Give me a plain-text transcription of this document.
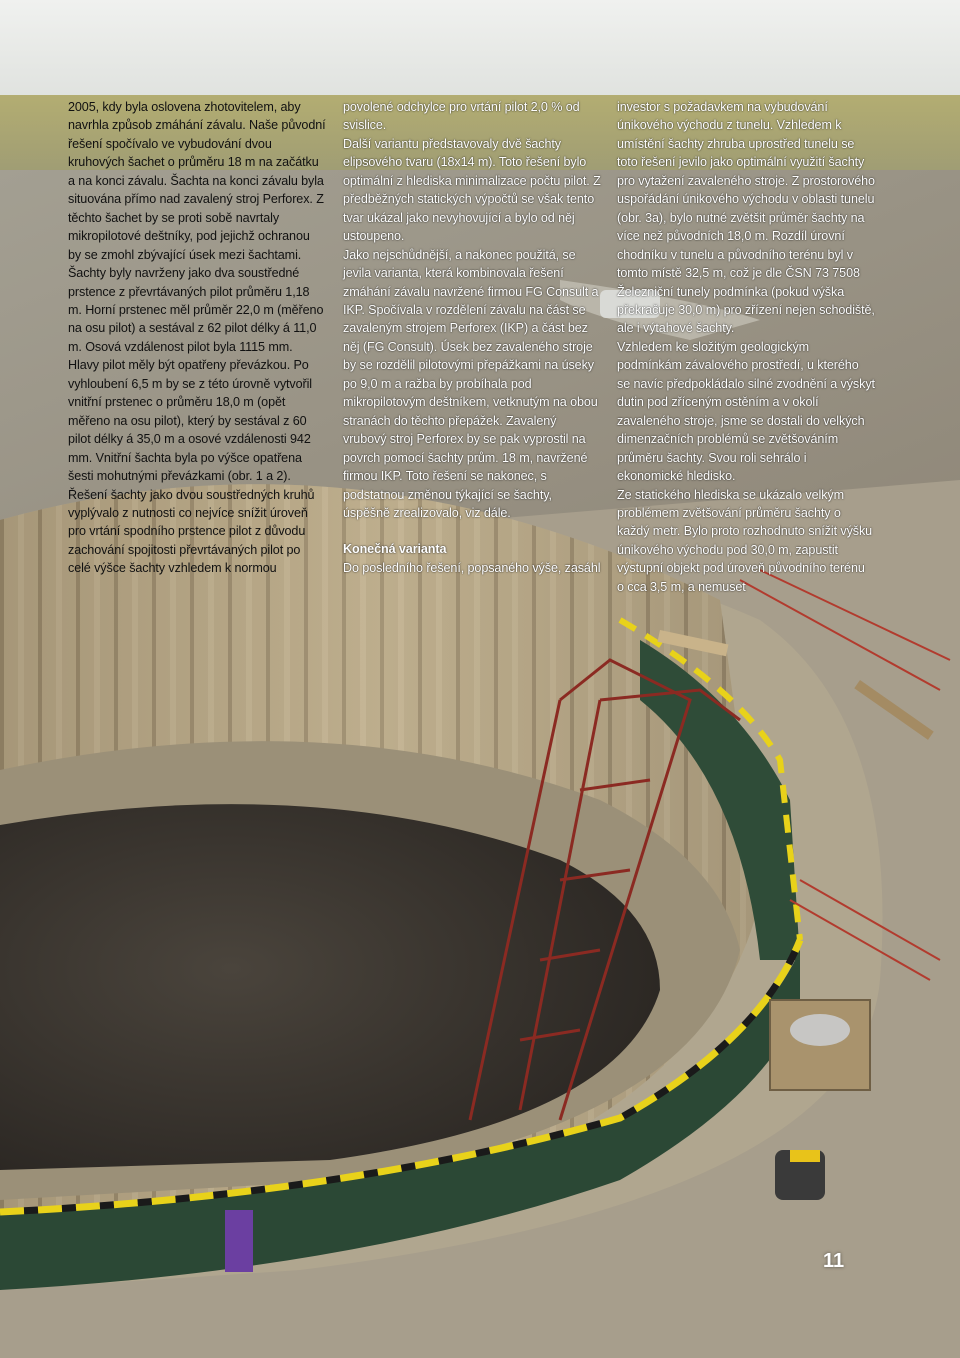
2005, kdy byla oslovena zhotovitelem, aby navrhla způsob zmáhání závalu. Naše původní řešení spočívalo ve vybudování dvou kruhových šachet o průměru 18 m na začátku a na konci závalu. Šachta na konci závalu byla situována přímo nad zavalený stroj Perforex. Z těchto šachet by se proti sobě navrtaly mikropilotové deštníky, pod jejichž ochranou by se zmohl zbývající úsek mezi šachtami. Šachty byly navrženy jako dva soustředné prstence z převrtávaných pilot průměru 1,18 m. Horní prstenec měl průměr 22,0 m (měřeno na osu pilot) a sestával z 62 pilot délky á 11,0 m. Osová vzdálenost pilot byla 1115 mm. Hlavy pilot měly být opatřeny převázkou. Po vyhloubení 6,5 m by se z této úrovně vytvořil vnitřní prstenec o průměru 18,0 m (opět měřeno na osu pilot), který by sestával z 60 pilot délky á 35,0 m a osové vzdálenosti 942 mm. Vnitřní šachta byla po výšce opatřena šesti mohutnými převázkami (obr. 1 a 2). Řešení šachty jako dvou soustředných kruhů vyplývalo z nutnosti co nejvíce snížit úroveň pro vrtání spodního prstence pilot z důvodu zachování spojitosti převrtávaných pilot po celé výšce šachty vzhledem k normou

povolené odchylce pro vrtání pilot 2,0 % od svislice.

Další variantu představovaly dvě šachty elipsového tvaru (18x14 m). Toto řešení bylo optimální z hlediska minimalizace počtu pilot. Z předběžných statických výpočtů se však tento tvar ukázal jako nevyhovující a bylo od něj ustoupeno.

Jako nejschůdnější, a nakonec použitá, se jevila varianta, která kombinovala řešení zmáhání závalu navržené firmou FG Consult a IKP. Spočívala v rozdělení závalu na část se zavaleným strojem Perforex (IKP) a část bez něj (FG Consult). Úsek bez zavaleného stroje by se rozdělil pilotovými přepážkami na úseky po 9,0 m a ražba by probíhala pod mikropilotovým deštníkem, vetknutým na obou stranách do těchto přepážek. Zavalený vrubový stroj Perforex by se pak vyprostil na povrch pomocí šachty prům. 18 m, navržené firmou IKP. Toto řešení se nakonec, s podstatnou změnou týkající se šachty, úspěšně zrealizovalo, viz dále.

Konečná varianta

Do posledního řešení, popsaného výše, zasáhl

investor s požadavkem na vybudování únikového východu z tunelu. Vzhledem k umístění šachty zhruba uprostřed tunelu se toto řešení jevilo jako optimální využití šachty pro vytažení zavaleného stroje. Z prostorového uspořádání únikového východu v oblasti tunelu (obr. 3a), bylo nutné zvětšit průměr šachty na více než původních 18,0 m. Rozdíl úrovní chodníku v tunelu a původního terénu byl v tomto místě 32,5 m, což je dle ČSN 73 7508 Železniční tunely podmínka (pokud výška překračuje 30,0 m) pro zřízení nejen schodiště, ale i výtahové šachty.

Vzhledem ke složitým geologickým podmínkám závalového prostředí, u kterého se navíc předpokládalo silné zvodnění a výskyt dutin pod zříceným ostěním a v okolí zavaleného stroje, jsme se dostali do velkých dimenzačních problémů se zvětšováním průměru šachty. Svou roli sehrálo i ekonomické hledisko.

Ze statického hlediska se ukázalo velkým problémem zvětšování průměru šachty o každý metr. Bylo proto rozhodnuto snížit výšku únikového východu pod 30,0 m, zapustit výstupní objekt pod úroveň původního terénu o cca 3,5 m, a nemuset

11
